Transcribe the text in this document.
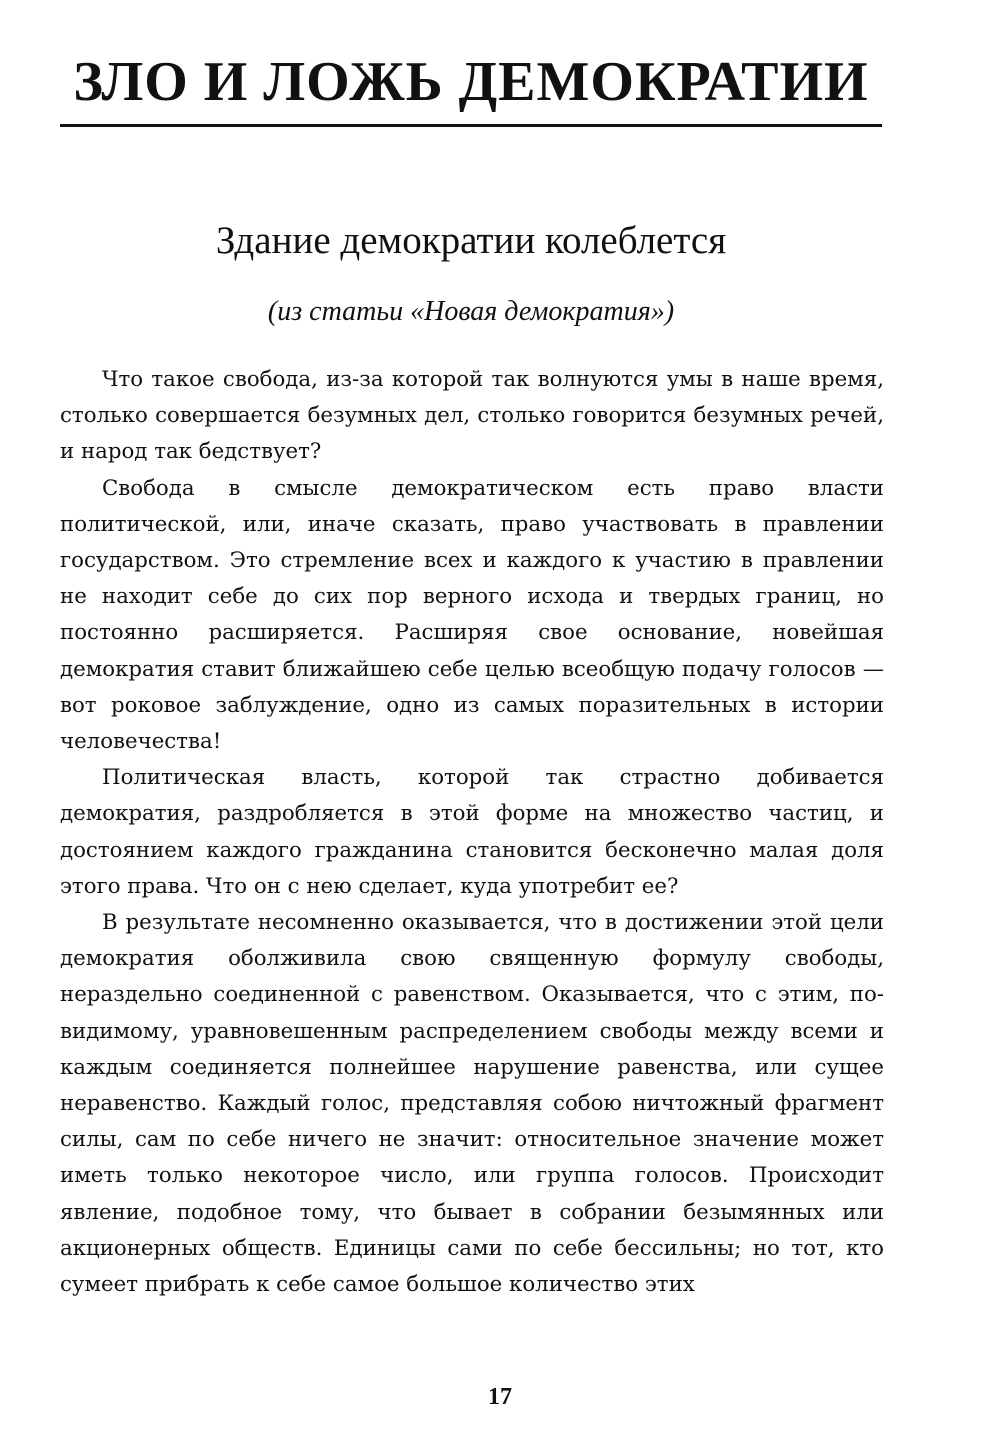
ЗЛО И ЛОЖЬ ДЕМОКРАТИИ
Здание демократии колеблется
(из статьи «Новая демократия»)

Что такое свобода, из-за которой так волнуются умы в наше время, столько совершается безумных дел, столько говорится безумных речей, и народ так бедствует?

Свобода в смысле демократическом есть право власти политической, или, иначе сказать, право участвовать в правлении государством. Это стремление всех и каждого к участию в правлении не находит себе до сих пор верного исхода и твердых границ, но постоянно расширяется. Расширяя свое основание, новейшая демократия ставит ближайшею себе целью всеобщую подачу голосов — вот роковое заблуждение, одно из самых поразительных в истории человечества!

Политическая власть, которой так страстно добивается демократия, раздробляется в этой форме на множество частиц, и достоянием каждого гражданина становится бесконечно малая доля этого права. Что он с нею сделает, куда употребит ее?

В результате несомненно оказывается, что в достижении этой цели демократия оболживила свою священную формулу свободы, нераздельно соединенной с равенством. Оказывается, что с этим, по-видимому, уравновешенным распределением свободы между всеми и каждым соединяется полнейшее нарушение равенства, или сущее неравенство. Каждый голос, представляя собою ничтожный фрагмент силы, сам по себе ничего не значит: относительное значение может иметь только некоторое число, или группа голосов. Происходит явление, подобное тому, что бывает в собрании безымянных или акционерных обществ. Единицы сами по себе бессильны; но тот, кто сумеет прибрать к себе самое большое количество этих

17
